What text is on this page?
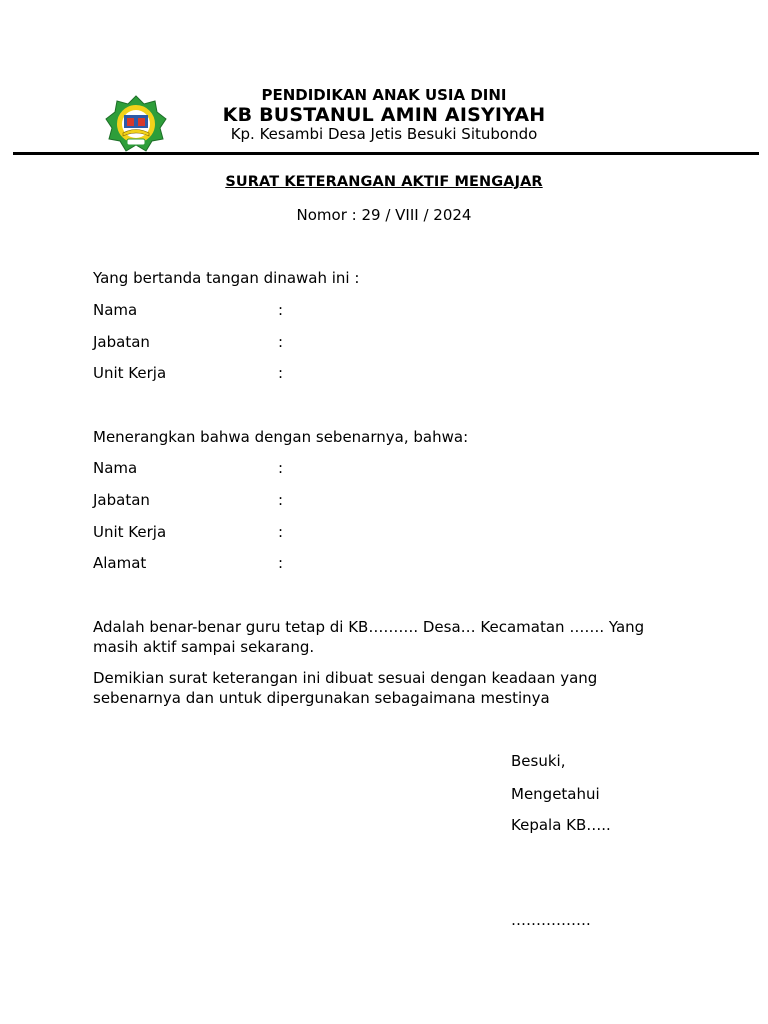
PENDIDIKAN ANAK USIA DINI
KB BUSTANUL AMIN AISYIYAH
Kp. Kesambi Desa Jetis Besuki Situbondo
SURAT KETERANGAN AKTIF MENGAJAR
Nomor : 29 / VIII / 2024
Yang bertanda tangan dinawah ini :
Nama	:
Jabatan	:
Unit Kerja	:
Menerangkan bahwa dengan sebenarnya, bahwa:
Nama	:
Jabatan	:
Unit Kerja	:
Alamat	:
Adalah benar-benar guru tetap di KB………. Desa… Kecamatan ……. Yang
masih aktif sampai sekarang.
Demikian surat keterangan ini dibuat sesuai dengan keadaan yang
sebenarnya dan untuk dipergunakan sebagaimana mestinya
Besuki,
Mengetahui
Kepala KB…..
…………….
